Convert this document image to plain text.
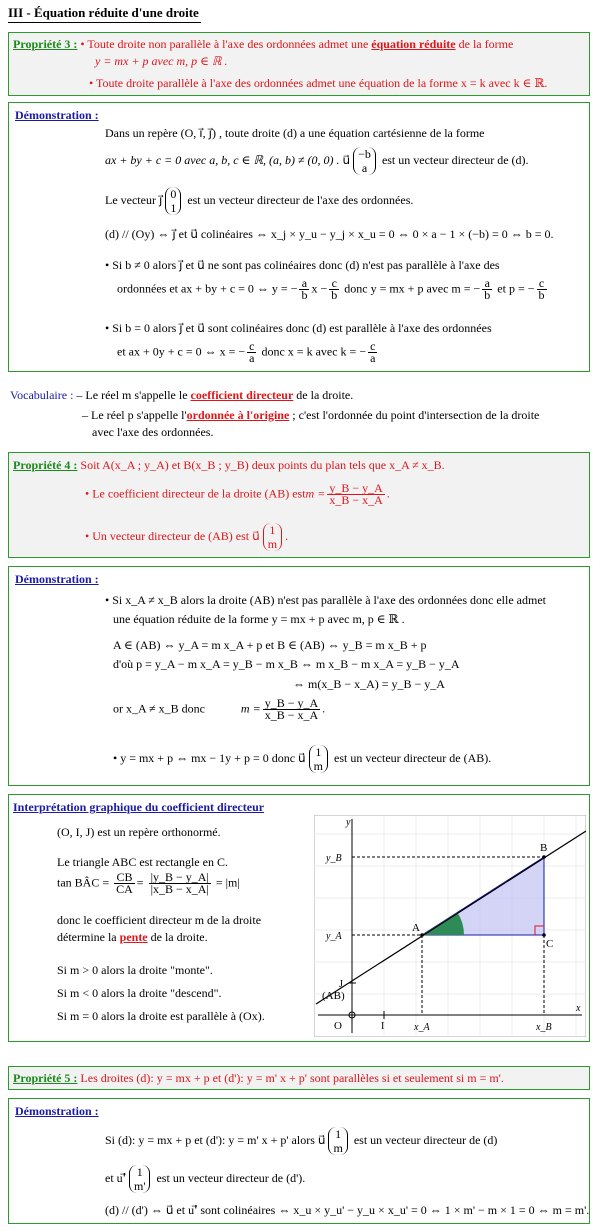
III - Équation réduite d'une droite
Propriété 3 : • Toute droite non parallèle à l'axe des ordonnées admet une équation réduite de la forme
y = mx + p avec m, p ∈ ℝ .
• Toute droite parallèle à l'axe des ordonnées admet une équation de la forme x = k avec k ∈ ℝ.
Démonstration :
Dans un repère (O, i⃗, j⃗) , toute droite (d) a une équation cartésienne de la forme
ax + by + c = 0 avec a, b, c ∈ ℝ, (a, b) ≠ (0, 0) . u⃗ −b
a
est un vecteur directeur de (d).
Le vecteur j⃗ 0
1
est un vecteur directeur de l'axe des ordonnées.
(d) // (Oy) ⇔ j⃗ et u⃗ colinéaires ⇔ x_j × y_u − y_j × x_u = 0 ⇔ 0 × a − 1 × (−b) = 0 ⇔ b = 0.
• Si b ≠ 0 alors j⃗ et u⃗ ne sont pas colinéaires donc (d) n'est pas parallèle à l'axe des
ordonnées et ax + by + c = 0 ⇔ y = − $\frac{a}{b}$ $x - \frac{c}{b}$ donc y = mx + p avec m = − $\frac{a}{b}$ et p = − $\frac{c}{b}$
• Si b = 0 alors j⃗ et u⃗ sont colinéaires donc (d) est parallèle à l'axe des ordonnées
et ax + 0y + c = 0 ⇔ x = − $\frac{c}{a}$ donc x = k avec k = − $\frac{c}{a}$
Vocabulaire : – Le réel m s'appelle le coefficient directeur de la droite.
– Le réel p s'appelle l'ordonnée à l'origine ; c'est l'ordonnée du point d'intersection de la droite
avec l'axe des ordonnées.
Propriété 4 : Soit A(x_A ; y_A) et B(x_B ; y_B) deux points du plan tels que x_A ≠ x_B.
• Le coefficient directeur de la droite (AB) estm = $\frac{y\_B - y\_A}{x\_B - x\_A}$ .
• Un vecteur directeur de (AB) est u⃗ 1
m
.
Démonstration :
• Si x_A ≠ x_B alors la droite (AB) n'est pas parallèle à l'axe des ordonnées donc elle admet
une équation réduite de la forme y = mx + p avec m, p ∈ ℝ .
A ∈ (AB) ⇔ y_A = m x_A + p et B ∈ (AB) ⇔ y_B = m x_B + p
d'où p = y_A − m x_A = y_B − m x_B ⇔ m x_B − m x_A = y_B − y_A
⇔ m(x_B − x_A) = y_B − y_A
or x_A ≠ x_B donc	$m = \frac{y\_B - y\_A}{x\_B - x\_A}$ .
• y = mx + p ⇔ mx − 1y + p = 0 donc u⃗ 1
m
est un vecteur directeur de (AB).
Interprétation graphique du coefficient directeur
(O, I, J) est un repère orthonormé.
Le triangle ABC est rectangle en C.
tan BÂC = $\frac{CB}{CA} = \frac{|y\_B - y\_A|}{|x\_B - x\_A|} = |m|$
donc le coefficient directeur m de la droite
détermine la pente de la droite.
Si m > 0 alors la droite "monte".
Si m < 0 alors la droite "descend".
Si m = 0 alors la droite est parallèle à (Ox).
y
x
O	I
J
A
B
C
(AB)
y_B
y_A
x_A	x_B
Propriété 5 : Les droites (d): y = mx + p et (d'): y = m' x + p' sont parallèles si et seulement si m = m'.
Démonstration :
Si (d): y = mx + p et (d'): y = m' x + p' alors u⃗ 1
m
est un vecteur directeur de (d)
et u'⃗ 1
m'
est un vecteur directeur de (d').
(d) // (d') ⇔ u⃗ et u'⃗ sont colinéaires ⇔ x_u × y_u' − y_u × x_u' = 0 ⇔ 1 × m' − m × 1 = 0 ⇔ m = m'.
